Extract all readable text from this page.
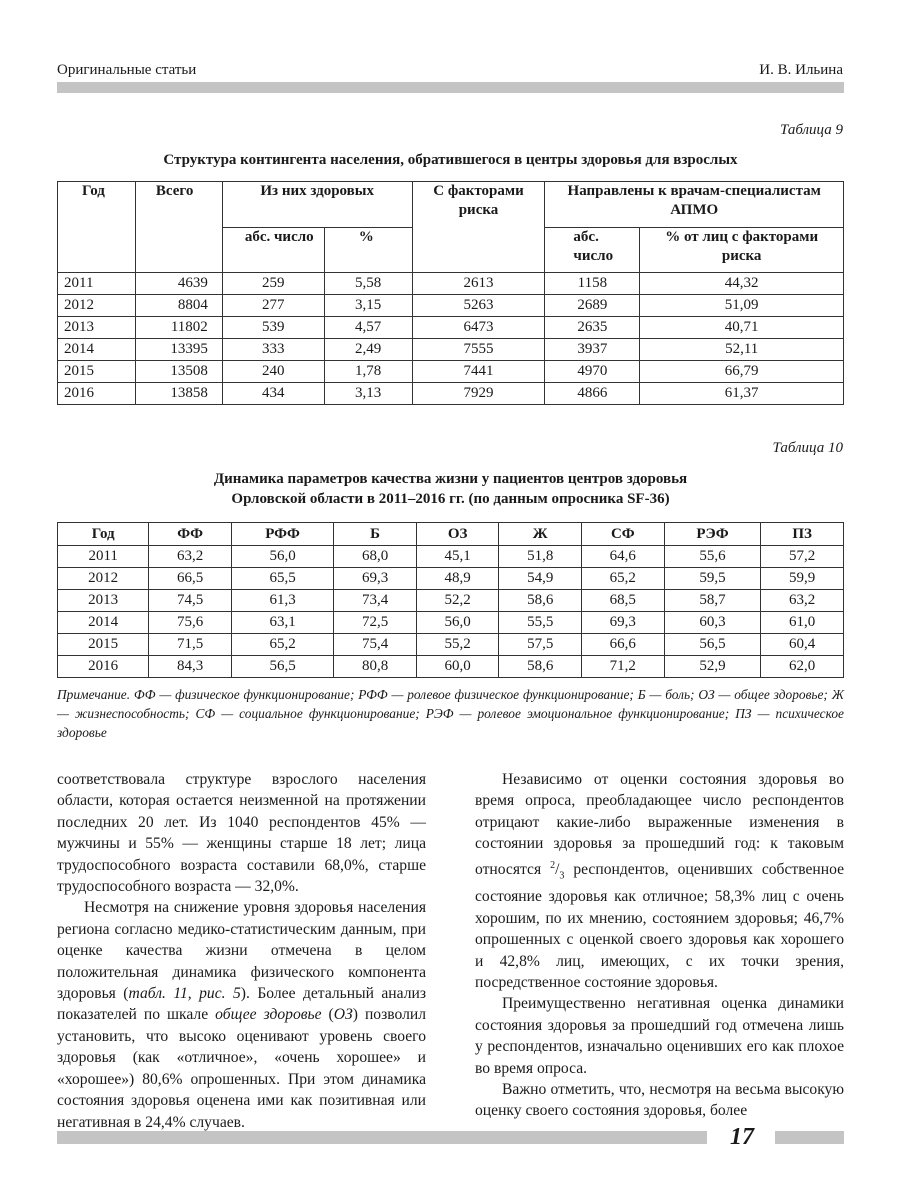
Оригинальные статьи	И. В. Ильина
Таблица 9
Структура контингента населения, обратившегося в центры здоровья для взрослых
Год	Всего	Из них здоровых		С факторами риска	Направлены к врачам-специалистам АПМО	
		абс. число	%		абс. число	% от лиц с факторами риска
2011	4639	259	5,58	2613	1158	44,32
2012	8804	277	3,15	5263	2689	51,09
2013	11802	539	4,57	6473	2635	40,71
2014	13395	333	2,49	7555	3937	52,11
2015	13508	240	1,78	7441	4970	66,79
2016	13858	434	3,13	7929	4866	61,37
Таблица 10
Динамика параметров качества жизни у пациентов центров здоровья
Орловской области в 2011–2016 гг. (по данным опросника SF-36)
Год	ФФ	РФФ	Б	ОЗ	Ж	СФ	РЭФ	ПЗ
2011	63,2	56,0	68,0	45,1	51,8	64,6	55,6	57,2
2012	66,5	65,5	69,3	48,9	54,9	65,2	59,5	59,9
2013	74,5	61,3	73,4	52,2	58,6	68,5	58,7	63,2
2014	75,6	63,1	72,5	56,0	55,5	69,3	60,3	61,0
2015	71,5	65,2	75,4	55,2	57,5	66,6	56,5	60,4
2016	84,3	56,5	80,8	60,0	58,6	71,2	52,9	62,0
Примечание. ФФ — физическое функционирование; РФФ — ролевое физическое функционирование; Б — боль; ОЗ — общее здоровье; Ж — жизнеспособность; СФ — социальное функционирование; РЭФ — ролевое эмоциональное функционирование; ПЗ — психическое здоровье

соответствовала структуре взрослого населения области, которая остается неизменной на протяжении последних 20 лет. Из 1040 респондентов 45% — мужчины и 55% — женщины старше 18 лет; лица трудоспособного возраста составили 68,0%, старше трудоспособного возраста — 32,0%.

Несмотря на снижение уровня здоровья населения региона согласно медико-статистическим данным, при оценке качества жизни отмечена в целом положительная динамика физического компонента здоровья (табл. 11, рис. 5). Более детальный анализ показателей по шкале общее здоровье (ОЗ) позволил установить, что высоко оценивают уровень своего здоровья (как «отличное», «очень хорошее» и «хорошее») 80,6% опрошенных. При этом динамика состояния здоровья оценена ими как позитивная или негативная в 24,4% случаев.

Независимо от оценки состояния здоровья во время опроса, преобладающее число респондентов отрицают какие-либо выраженные изменения в состоянии здоровья за прошедший год: к таковым относятся $^2/_3$ респондентов, оценивших собственное состояние здоровья как отличное; 58,3% лиц с очень хорошим, по их мнению, состоянием здоровья; 46,7% опрошенных с оценкой своего здоровья как хорошего и 42,8% лиц, имеющих, с их точки зрения, посредственное состояние здоровья.

Преимущественно негативная оценка динамики состояния здоровья за прошедший год отмечена лишь у респондентов, изначально оценивших его как плохое во время опроса.

Важно отметить, что, несмотря на весьма высокую оценку своего состояния здоровья, более

17
